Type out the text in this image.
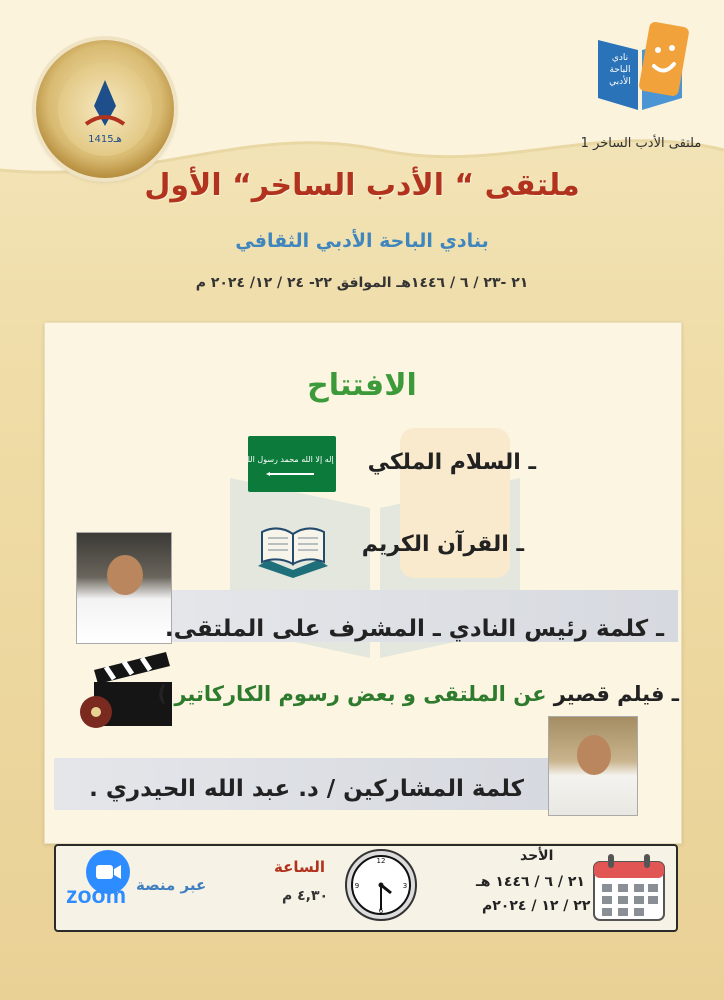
1415هـ
نادي
الباحة
الأدبي
ملتقى الأدب الساخر 1
ملتقى “ الأدب الساخر“ الأول
بنادي الباحة الأدبي الثقافي
٢١ -٢٣ / ٦ / ١٤٤٦هـ الموافق ٢٢- ٢٤ / ١٢/ ٢٠٢٤ م
الافتتاح
ـ السلام الملكي
لا إله إلا الله محمد رسول الله
ـ القرآن الكريم
ـ كلمة رئيس النادي ـ المشرف على الملتقى.
ـ فيلم قصير عن الملتقى و بعض رسوم الكاركاتير )
كلمة المشاركين / د. عبد الله الحيدري .
zoom عبر منصة
الساعة
٤,٣٠ م
12
3
6
9
الأحد
٢١ / ٦ / ١٤٤٦ هـ
٢٢ / ١٢ / ٢٠٢٤م
